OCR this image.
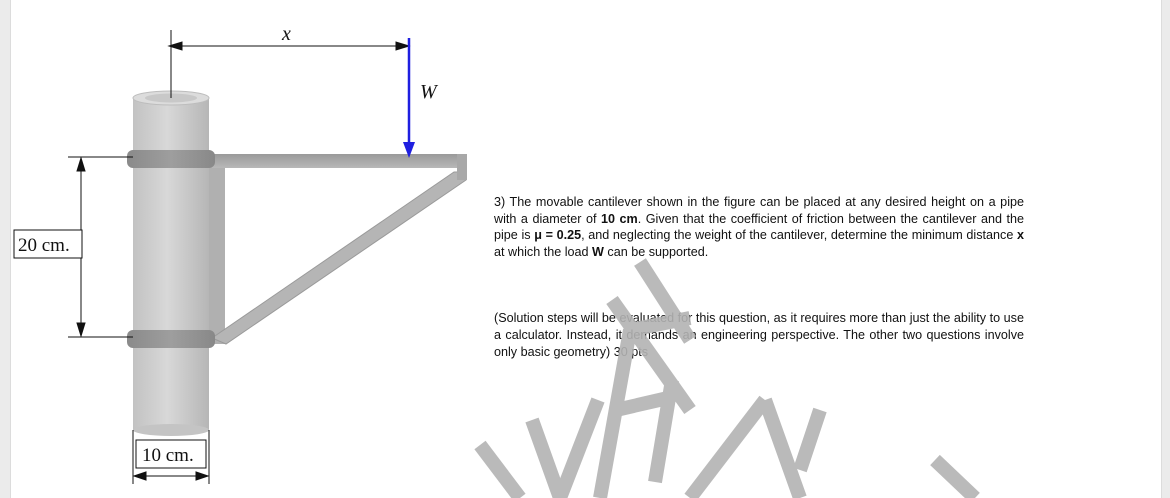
x
W
20 cm.
10 cm.

3) The movable cantilever shown in the figure can be placed at any desired height on a pipe with a diameter of 10 cm. Given that the coefficient of friction between the cantilever and the pipe is μ = 0.25, and neglecting the weight of the cantilever, determine the minimum distance x at which the load W can be supported.

(Solution steps will be evaluated for this question, as it requires more than just the ability to use a calculator. Instead, it demands an engineering perspective. The other two questions involve only basic geometry) 30 pts
